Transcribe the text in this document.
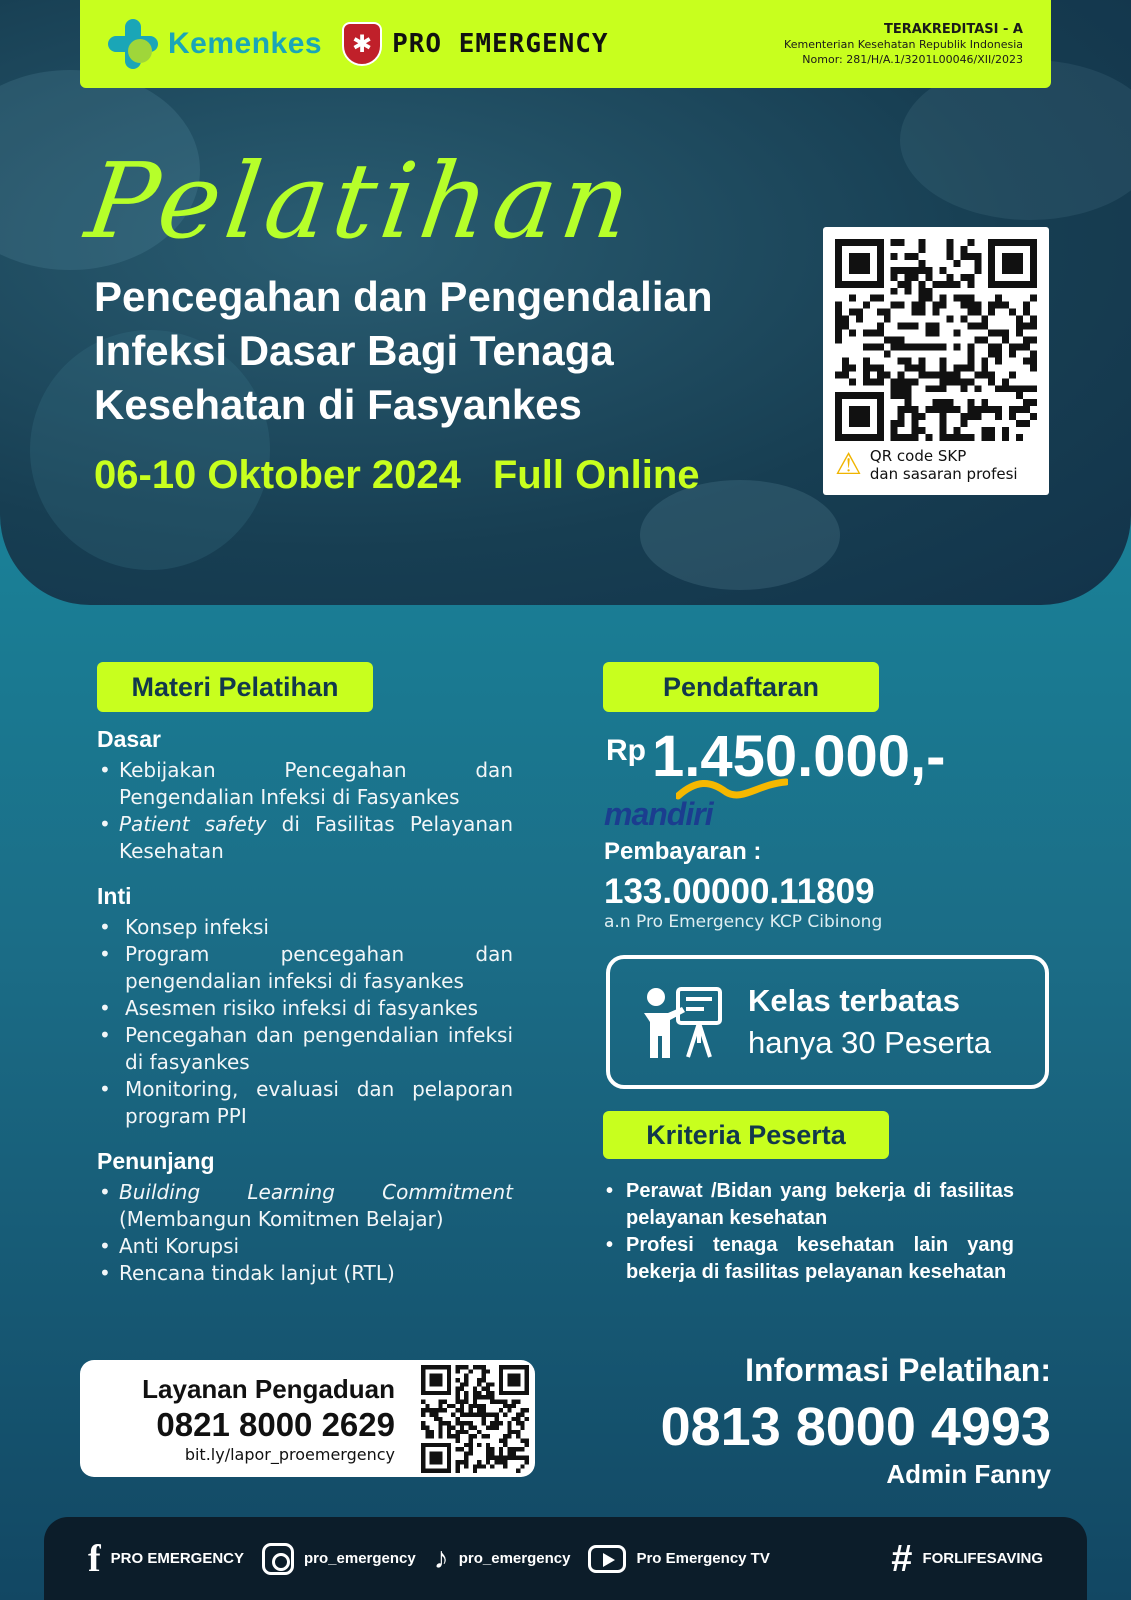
Kemenkes	✱ PRO EMERGENCY	TERAKREDITASI - A
Kementerian Kesehatan Republik Indonesia
Nomor: 281/H/A.1/3201L00046/XII/2023
Pelatihan
Pencegahan dan Pengendalian
Infeksi Dasar Bagi Tenaga
Kesehatan di Fasyankes
06-10 Oktober 2024 Full Online	⚠ QR code SKP
dan sasaran profesi
Materi Pelatihan	Pendaftaran
Dasar
• Kebijakan Pencegahan dan Pengendalian Infeksi di Fasyankes
• Patient safety di Fasilitas Pelayanan Kesehatan
Inti
• Konsep infeksi
• Program pencegahan dan pengendalian infeksi di fasyankes
• Asesmen risiko infeksi di fasyankes
• Pencegahan dan pengendalian infeksi di fasyankes
• Monitoring, evaluasi dan pelaporan program PPI
Penunjang
• Building Learning Commitment (Membangun Komitmen Belajar)
• Anti Korupsi
• Rencana tindak lanjut (RTL)
Rp 1.450.000,-
mandiri
Pembayaran :
133.00000.11809
a.n Pro Emergency KCP Cibinong
Kelas terbatas
hanya 30 Peserta
Kriteria Peserta
• Perawat /Bidan yang bekerja di fasilitas pelayanan kesehatan
• Profesi tenaga kesehatan lain yang bekerja di fasilitas pelayanan kesehatan
Layanan Pengaduan
0821 8000 2629
bit.ly/lapor_proemergency
Informasi Pelatihan:
0813 8000 4993
Admin Fanny
f PRO EMERGENCY	pro_emergency ♪ pro_emergency	Pro Emergency TV	# FORLIFESAVING
